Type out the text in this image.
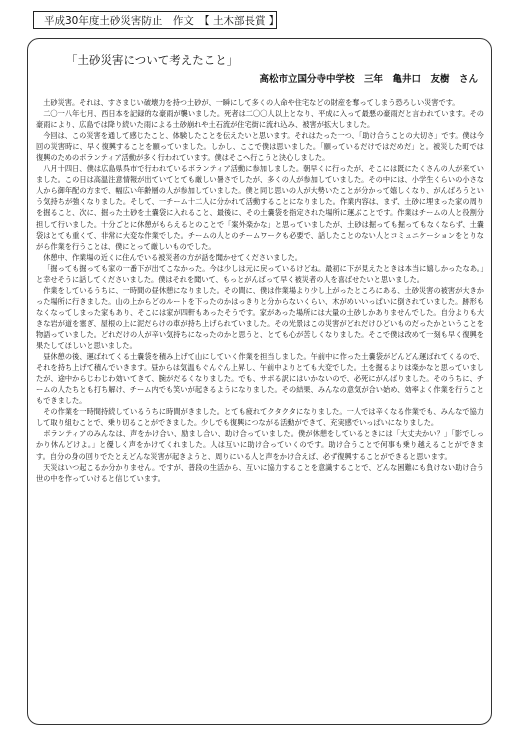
平成30年度土砂災害防止　作文　【 土木部長賞 】
「土砂災害について考えたこと」
高松市立国分寺中学校　三年　亀井口　友樹　さん

土砂災害。それは、すさまじい破壊力を持つ土砂が、一瞬にして多くの人命や住宅などの財産を奪ってしまう恐ろしい災害です。

二〇一八年七月、西日本を記録的な豪雨が襲いました。死者は二〇〇人以上となり、平成に入って最悪の豪雨だと言われています。その豪雨により、広島では降り続いた雨による土砂崩れや土石流が住宅街に流れ込み、被害が拡大しました。

今回は、この災害を通して感じたこと、体験したことを伝えたいと思います。それはたった一つ、「助け合うことの大切さ」です。僕は今回の災害時に、早く復興することを願っていました。しかし、ここで僕は思いました。「願っているだけではだめだ」と。被災した町では復興のためのボランティア活動が多く行われています。僕はそこへ行こうと決心しました。

八月十四日、僕は広島県呉市で行われているボランティア活動に参加しました。朝早くに行ったが、そこには既にたくさんの人が来ていました。この日は高温注意情報が出ていてとても厳しい暑さでしたが、多くの人が参加していました。その中には、小学生くらいの小さな人から御年配の方まで、幅広い年齢層の人が参加していました。僕と同じ思いの人が大勢いたことが分かって嬉しくなり、がんばろうという気持ちが強くなりました。そして、一チーム十二人に分かれて活動することになりました。作業内容は、まず、土砂に埋まった家の周りを掘ること、次に、掘った土砂を土嚢袋に入れること、最後に、その土嚢袋を指定された場所に運ぶことです。作業はチームの人と役割分担して行いました。十分ごとに休憩がもらえるとのことで「案外楽かな」と思っていましたが、土砂は掘っても掘ってもなくならず、土嚢袋はとても重くて、非常に大変な作業でした。チームの人とのチームワークも必要で、話したことのない人とコミュニケーションをとりながら作業を行うことは、僕にとって厳しいものでした。

休憩中、作業場の近くに住んでいる被災者の方が話を聞かせてくださいました。

「掘っても掘っても家の一番下が出てこなかった。今は少しは元に戻っているけどね。最初に下が見えたときは本当に嬉しかったなあ。」と幸せそうに話してくださいました。僕はそれを聞いて、もっとがんばって早く被災者の人を喜ばせたいと思いました。

作業をしているうちに、一時間の昼休憩になりました。その間に、僕は作業場より少し上がったところにある、土砂災害の被害が大きかった場所に行きました。山の上からどのルートを下ったのかはっきりと分からないくらい、木がめいいっぱいに倒されていました。跡形もなくなってしまった家もあり、そこには家が四軒もあったそうです。家があった場所には大量の土砂しかありませんでした。自分よりも大きな岩が道を塞ぎ、屋根の上に泥だらけの車が持ち上げられていました。その光景はこの災害がどれだけひどいものだったかということを物語っていました。どれだけの人が辛い気持ちになったのかと思うと、とても心が苦しくなりました。そこで僕は改めて一刻も早く復興を果たしてほしいと思いました。

昼休憩の後、運ばれてくる土嚢袋を積み上げて山にしていく作業を担当しました。午前中に作った土嚢袋がどんどん運ばれてくるので、それを持ち上げて積んでいきます。昼からは気温もぐんぐん上昇し、午前中よりとても大変でした。土を掘るよりは楽かなと思っていましたが、途中からじわじわ効いてきて、腕がだるくなりました。でも、サボる訳にはいかないので、必死にがんばりました。そのうちに、チームの人たちとも打ち解け、チーム内でも笑いが起きるようになりました。その結果、みんなの意気が合い始め、効率よく作業を行うこともできました。

その作業を一時間持続しているうちに時間がきました。とても疲れてクタクタになりました。一人では辛くなる作業でも、みんなで協力して取り組むことで、乗り切ることができました。少しでも復興につながる活動ができて、充実感でいっぱいになりました。

ボランティアのみんなは、声をかけ合い、励まし合い、助け合っていました。僕が休憩をしているときには「大丈夫かい？」「影でしっかり休んどけよ。」と優しく声をかけてくれました。人は互いに助け合っていくのです。助け合うことで何事も乗り越えることができます。自分の身の回りでたとえどんな災害が起きようと、周りにいる人と声をかけ合えば、必ず復興することができると思います。

天災はいつ起こるか分かりません。ですが、普段の生活から、互いに協力することを意識することで、どんな困難にも負けない助け合う世の中を作っていけると信じています。
